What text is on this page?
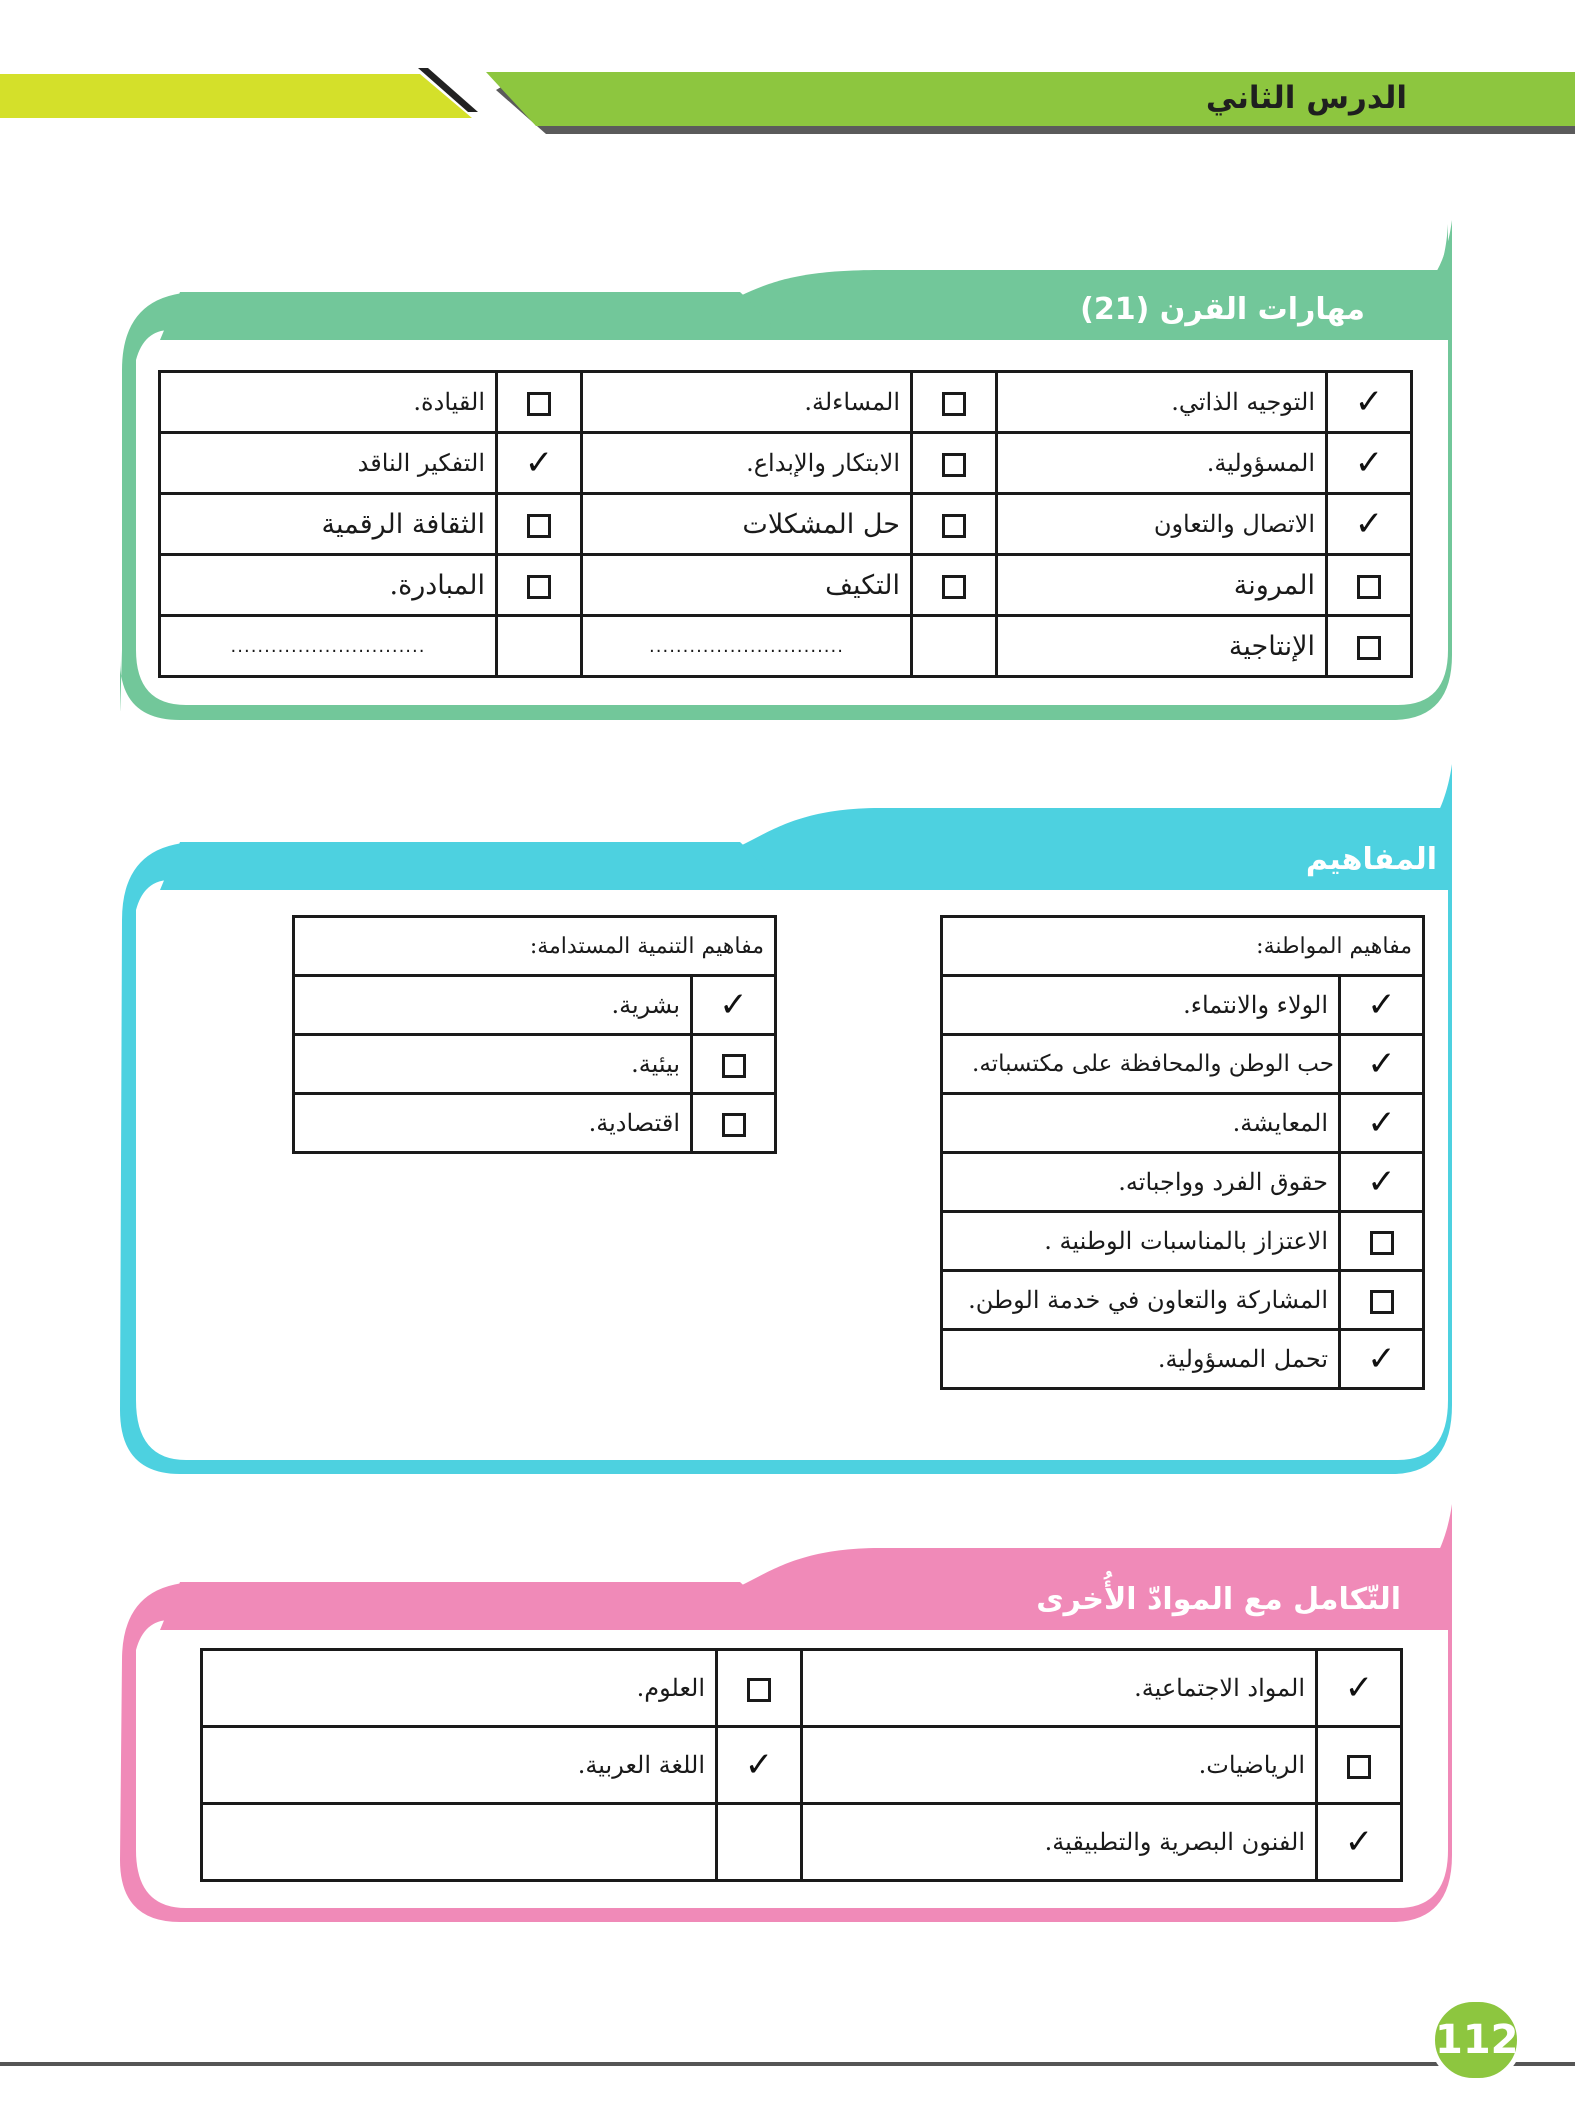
الدرس الثاني
مهارات القرن (21)
✓	التوجيه الذاتي.		المساءلة.		القيادة.
✓	المسؤولية.		الابتكار والإبداع.	✓	التفكير الناقد
✓	الاتصال والتعاون		حل المشكلات		الثقافة الرقمية
	المرونة		التكيف		المبادرة.
	الإنتاجية		.............................		.............................
المفاهيم
مفاهيم المواطنة:	
✓	الولاء والانتماء.
✓	حب الوطن والمحافظة على مكتسباته.
✓	المعايشة.
✓	حقوق الفرد وواجباته.
	الاعتزاز بالمناسبات الوطنية .
	المشاركة والتعاون في خدمة الوطن.
✓	تحمل المسؤولية.
مفاهيم التنمية المستدامة:	
✓	بشرية.
	بيئية.
	اقتصادية.
التّكامل مع الموادّ الأُخرى
✓	المواد الاجتماعية.		العلوم.
	الرياضيات.	✓	اللغة العربية.
✓	الفنون البصرية والتطبيقية.		
112
